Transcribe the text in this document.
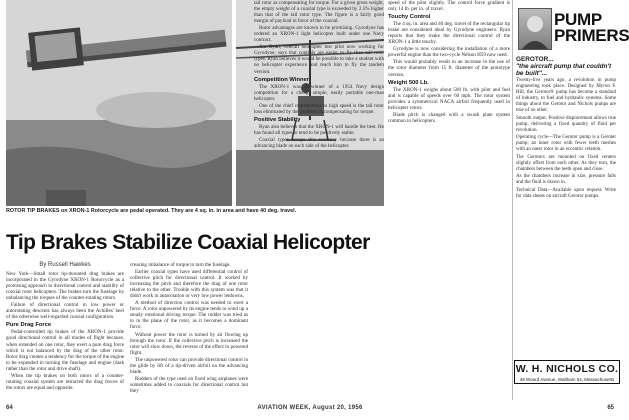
ROTOR TIP BRAKES on XRON-1 Rotorcycle are pedal operated. They are 4 sq. in. in area and have 40 deg. travel.
Tip Brakes Stabilize Coaxial Helicopter
By Russell Hawkes

New York—Small rotor tip-mounted drag brakes are incorporated in the Gyrodyne XRON-1 Rotorcycle as a promising approach to directional control and stability of coaxial rotor helicopters. The brakes turn the fuselage by unbalancing the torques of the counter-rotating rotors.

Failure of directional control in low power or autorotating descents has always been the Achilles' heel of the otherwise well-regarded coaxial configuration.

Pure Drag Force

Pedal-controlled tip brakes of the XRON-1 provide good directional control in all modes of flight because, when extended on one rotor, they exert a pure drag force which is not balanced by the drag of the other rotor. Rotor drag creates a tendency for the torque of the engine to be expended in turning the fuselage and engine (dark rather than the rotor and drive shaft).

When the tip brakes on both rotors of a counter-rotating coaxial system are retracted the drag forces of the rotors are equal and opposite.

creasing imbalance of torque to turn the fuselage.

Earlier coaxial types have used differential control of collective pitch for directional control. It worked by increasing the pitch and therefore the drag of one rotor relative to the other. Trouble with this system was that it didn't work in autorotation or very low power letdowns.

A method of direction control was needed to exert a force. A rotor unpowered by its engine tends to wind up a steady rotational driving torque. The rudder was tried as to in the plane of the rotor, as it becomes a dominant force.

Without power the rotor is turned by air flowing up through the rotor. If the collective pitch is increased the rotor will slow down, the reverse of the effect in powered flight.

The unpowered rotor can provide directional control in the glide by lift of a tip-driven airfoil on the advancing blade.

Rudders of the type used on fixed wing airplanes were sometimes added to coaxials for directional control but they

tail rotor as compensating for torque. For a given gross weight, the empty weight of a coaxial type is exceeded by 2.5% higher than that of the tail rotor type. The figure is a fairly good margin of payload in favor of the coaxial.

Rotor advantages are known to be promising. Gyrodyne has ordered an XRON-1 light helicopter built under one Navy contract.

Jim Ryan, veteran helicopter test pilot now working for Gyrodyne, says that controls are easier to fly than tail rotor types. Ryan believes it would be possible to take a student with no helicopter experience and teach him to fly the tandem version.

Competition Winner

The XRON-1 was co-winner of a 1954 Navy design competition for a cheap, simple, easily portable one-man helicopter.

One of the chief contributions to high speed is the tail rotor loss eliminated by the problem of compensating for torque.

Positive Stability

Ryan also believes that the XRON-1 will handle the best. He has found all types to tend to be positively stable.

Coaxial types escape this tendency because there is an advancing blade on each side of the helicopter.

speed of the pilot slightly. The control force gradient is only 14 lb. per in. of travel.

Touchy Control

The 4 sq. in. area and 40 deg. travel of the rectangular tip brake are considered ideal by Gyrodyne engineers. Ryan reports that they make the directional control of the XRON-1 a little touchy.

Gyrodyne is now considering the installation of a more powerful engine than the two-cycle Nelson H59 now used.

This would probably result in an increase in the use of the rotor diameter from 15 ft. diameter of the prototype version.

Weight 500 Lb.

The XRON-1 weighs about 500 lb. with pilot and fuel and is capable of speeds over 60 mph. The rotor system provides a symmetrical NACA airfoil frequently used in helicopter rotors.

Blade pitch is changed with a swash plate system common to helicopters.

PUMP
PRIMERS
GEROTOR...
"the aircraft pump that couldn't be built"...

Twenty-five years ago, a revolution in pump engineering took place. Designed by Myron F. Hill, the Gerotor® pump has become a standard of industry, to fuel and hydraulic systems. Some things about the Gerotor and Nichols pumps are true of no other.

Smooth output. Positive displacement allows true pump, delivering a fixed quantity of fluid per revolution.

Operating cycle—The Gerotor pump is a Geroter pump; an inner rotor with fewer teeth meshes with an outer rotor in an eccentric relation.

The Gerotors are mounted on fixed centers slightly offset from each other. As they turn, the chambers between the teeth open and close.

As the chambers increase in size, pressure falls and the fluid is drawn in.

Technical Data—Available upon request. Write for data sheets on aircraft Gerotor pumps.

W. H. NICHOLS CO.
48 Woerd Avenue, Waltham 54, Massachusetts
64	AVIATION WEEK, August 20, 1956	65
